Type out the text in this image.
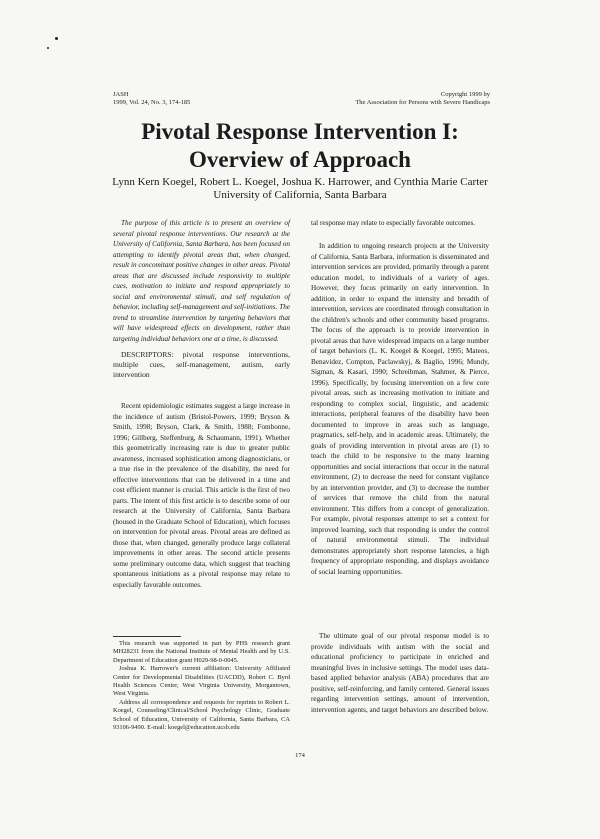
JASH
1999, Vol. 24, No. 3, 174-185
Copyright 1999 by
The Association for Persons with Severe Handicaps
Pivotal Response Intervention I:
Overview of Approach
Lynn Kern Koegel, Robert L. Koegel, Joshua K. Harrower, and Cynthia Marie Carter
University of California, Santa Barbara

The purpose of this article is to present an overview of several pivotal response interventions. Our research at the University of California, Santa Barbara, has been focused on attempting to identify pivotal areas that, when changed, result in concomitant positive changes in other areas. Pivotal areas that are discussed include responsivity to multiple cues, motivation to initiate and respond appropriately to social and environmental stimuli, and self regulation of behavior, including self-management and self-initiations. The trend to streamline intervention by targeting behaviors that will have widespread effects on development, rather than targeting individual behaviors one at a time, is discussed.

DESCRIPTORS: pivotal response interventions, multiple cues, self-management, autism, early intervention

Recent epidemiologic estimates suggest a large increase in the incidence of autism (Bristol-Powers, 1999; Bryson & Smith, 1998; Bryson, Clark, & Smith, 1988; Fombonne, 1996; Gillberg, Steffenburg, & Schaumann, 1991). Whether this geometrically increasing rate is due to greater public awareness, increased sophistication among diagnosticians, or a true rise in the prevalence of the disability, the need for effective interventions that can be delivered in a time and cost efficient manner is crucial. This article is the first of two parts. The intent of this first article is to describe some of our research at the University of California, Santa Barbara (housed in the Graduate School of Education), which focuses on intervention for pivotal areas. Pivotal areas are defined as those that, when changed, generally produce large collateral improvements in other areas. The second article presents some preliminary outcome data, which suggest that teaching spontaneous initiations as a pivotal response may relate to especially favorable outcomes.

This research was supported in part by PHS research grant MH28231 from the National Institute of Mental Health and by U.S. Department of Education grant H029-98-0-0045.

Joshua K. Harrower's current affiliation: University Affiliated Center for Developmental Disabilities (UACDD), Robert C. Byrd Health Sciences Center, West Virginia University, Morgantown, West Virginia.

Address all correspondence and requests for reprints to Robert L. Koegel, Counseling/Clinical/School Psychology Clinic, Graduate School of Education, University of California, Santa Barbara, CA 93106-9490. E-mail: koegel@education.ucsb.edu

tal response may relate to especially favorable outcomes.

In addition to ongoing research projects at the University of California, Santa Barbara, information is disseminated and intervention services are provided, primarily through a parent education model, to individuals of a variety of ages. However, they focus primarily on early intervention. In addition, in order to expand the intensity and breadth of intervention, services are coordinated through consultation in the children's schools and other community based programs. The focus of the approach is to provide intervention in pivotal areas that have widespread impacts on a large number of target behaviors (L. K. Koegel & Koegel, 1995; Mateos, Benavidez, Compton, Paclawskyj, & Baglio, 1996; Mundy, Sigman, & Kasari, 1990; Schreibman, Stahmer, & Pierce, 1996). Specifically, by focusing intervention on a few core pivotal areas, such as increasing motivation to initiate and responding to complex social, linguistic, and academic interactions, peripheral features of the disability have been documented to improve in areas such as language, pragmatics, self-help, and in academic areas. Ultimately, the goals of providing intervention in pivotal areas are (1) to teach the child to be responsive to the many learning opportunities and social interactions that occur in the natural environment, (2) to decrease the need for constant vigilance by an intervention provider, and (3) to decrease the number of services that remove the child from the natural environment. This differs from a concept of generalization. For example, pivotal responses attempt to set a context for improved learning, such that responding is under the control of natural environmental stimuli. The individual demonstrates appropriately short response latencies, a high frequency of appropriate responding, and displays avoidance of social learning opportunities.

The ultimate goal of our pivotal response model is to provide individuals with autism with the social and educational proficiency to participate in enriched and meaningful lives in inclusive settings. The model uses data-based applied behavior analysis (ABA) procedures that are positive, self-reinforcing, and family centered. General issues regarding intervention settings, amount of intervention, intervention agents, and target behaviors are described below.

174
